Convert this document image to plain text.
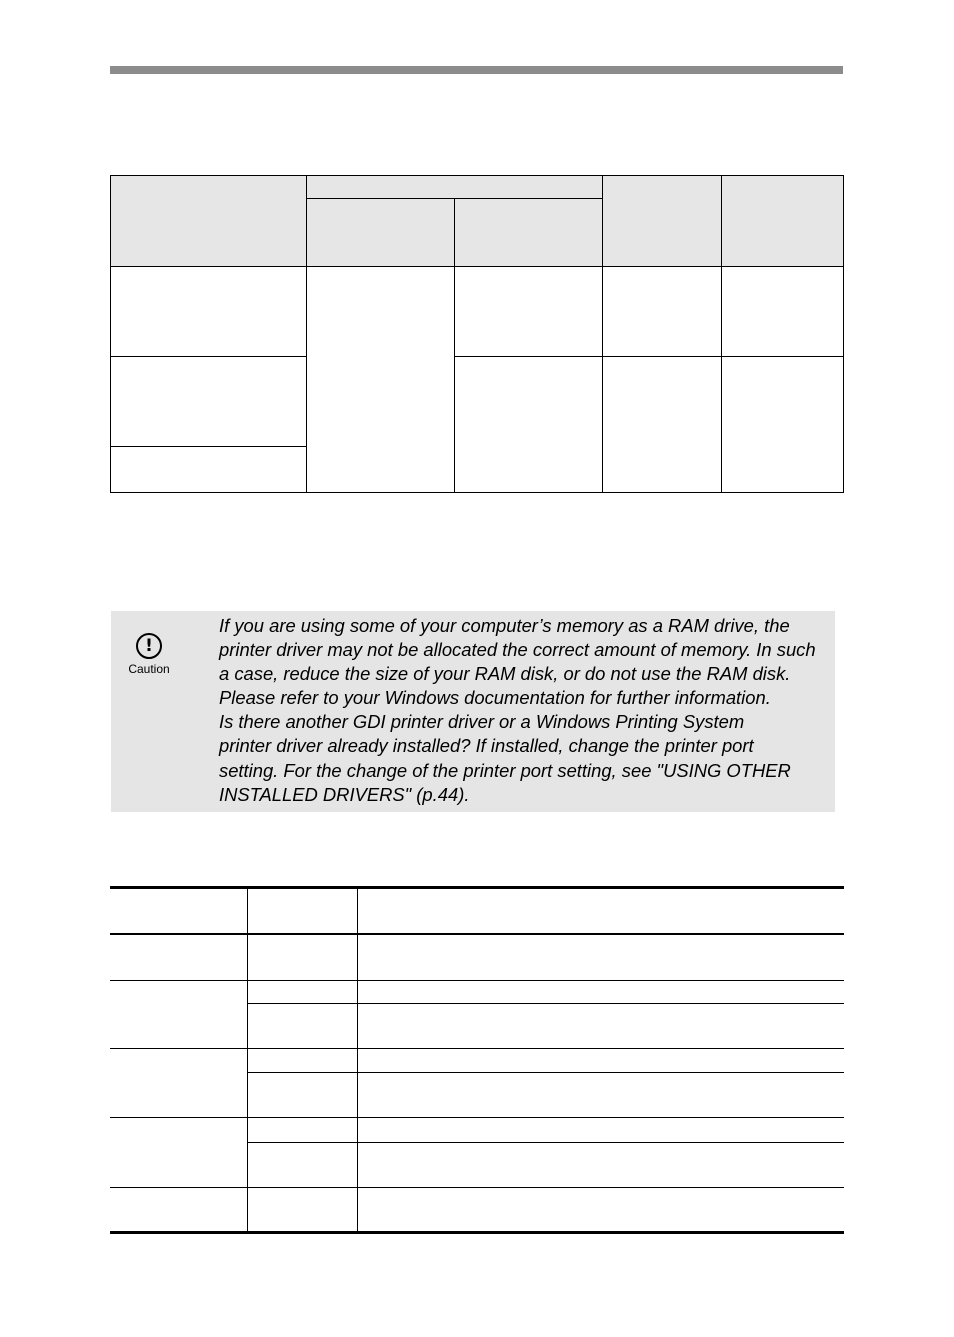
!
Caution

If you are using some of your computer’s memory as a RAM drive, the
printer driver may not be allocated the correct amount of memory. In such
a case, reduce the size of your RAM disk, or do not use the RAM disk.
Please refer to your Windows documentation for further information.
Is there another GDI printer driver or a Windows Printing System
printer driver already installed? If installed, change the printer port
setting. For the change of the printer port setting, see "USING OTHER
INSTALLED DRIVERS" (p.44).
